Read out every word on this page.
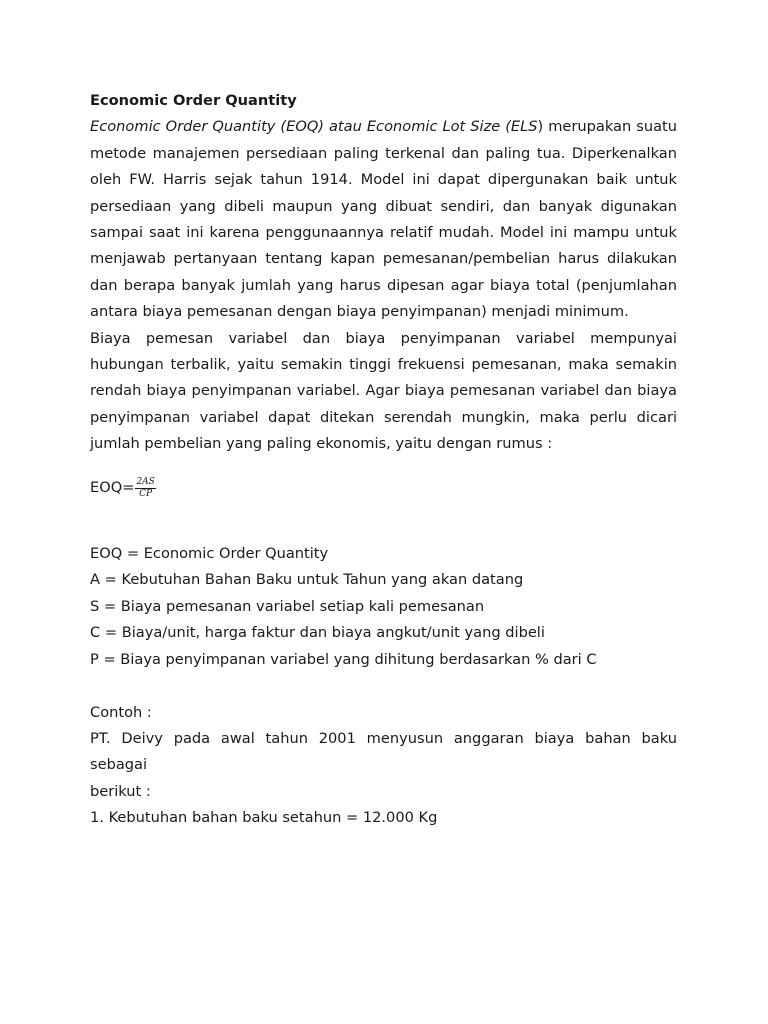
Economic Order Quantity

Economic Order Quantity (EOQ) atau Economic Lot Size (ELS) merupakan suatu metode manajemen persediaan paling terkenal dan paling tua. Diperkenalkan oleh FW. Harris sejak tahun 1914. Model ini dapat dipergunakan baik untuk persediaan yang dibeli maupun yang dibuat sendiri, dan banyak digunakan sampai saat ini karena penggunaannya relatif mudah. Model ini mampu untuk menjawab pertanyaan tentang kapan pemesanan/pembelian harus dilakukan dan berapa banyak jumlah yang harus dipesan agar biaya total (penjumlahan antara biaya pemesanan dengan biaya penyimpanan) menjadi minimum.

Biaya pemesan variabel dan biaya penyimpanan variabel mempunyai hubungan terbalik, yaitu semakin tinggi frekuensi pemesanan, maka semakin rendah biaya penyimpanan variabel. Agar biaya pemesanan variabel dan biaya penyimpanan variabel dapat ditekan serendah mungkin, maka perlu dicari jumlah pembelian yang paling ekonomis, yaitu dengan rumus :

$EOQ= \frac{2AS}{CP}$

EOQ = Economic Order Quantity

A = Kebutuhan Bahan Baku untuk Tahun yang akan datang

S = Biaya pemesanan variabel setiap kali pemesanan

C = Biaya/unit, harga faktur dan biaya angkut/unit yang dibeli

P = Biaya penyimpanan variabel yang dihitung berdasarkan % dari C

Contoh :

PT. Deivy pada awal tahun 2001 menyusun anggaran biaya bahan baku sebagai

berikut :

1. Kebutuhan bahan baku setahun = 12.000 Kg
